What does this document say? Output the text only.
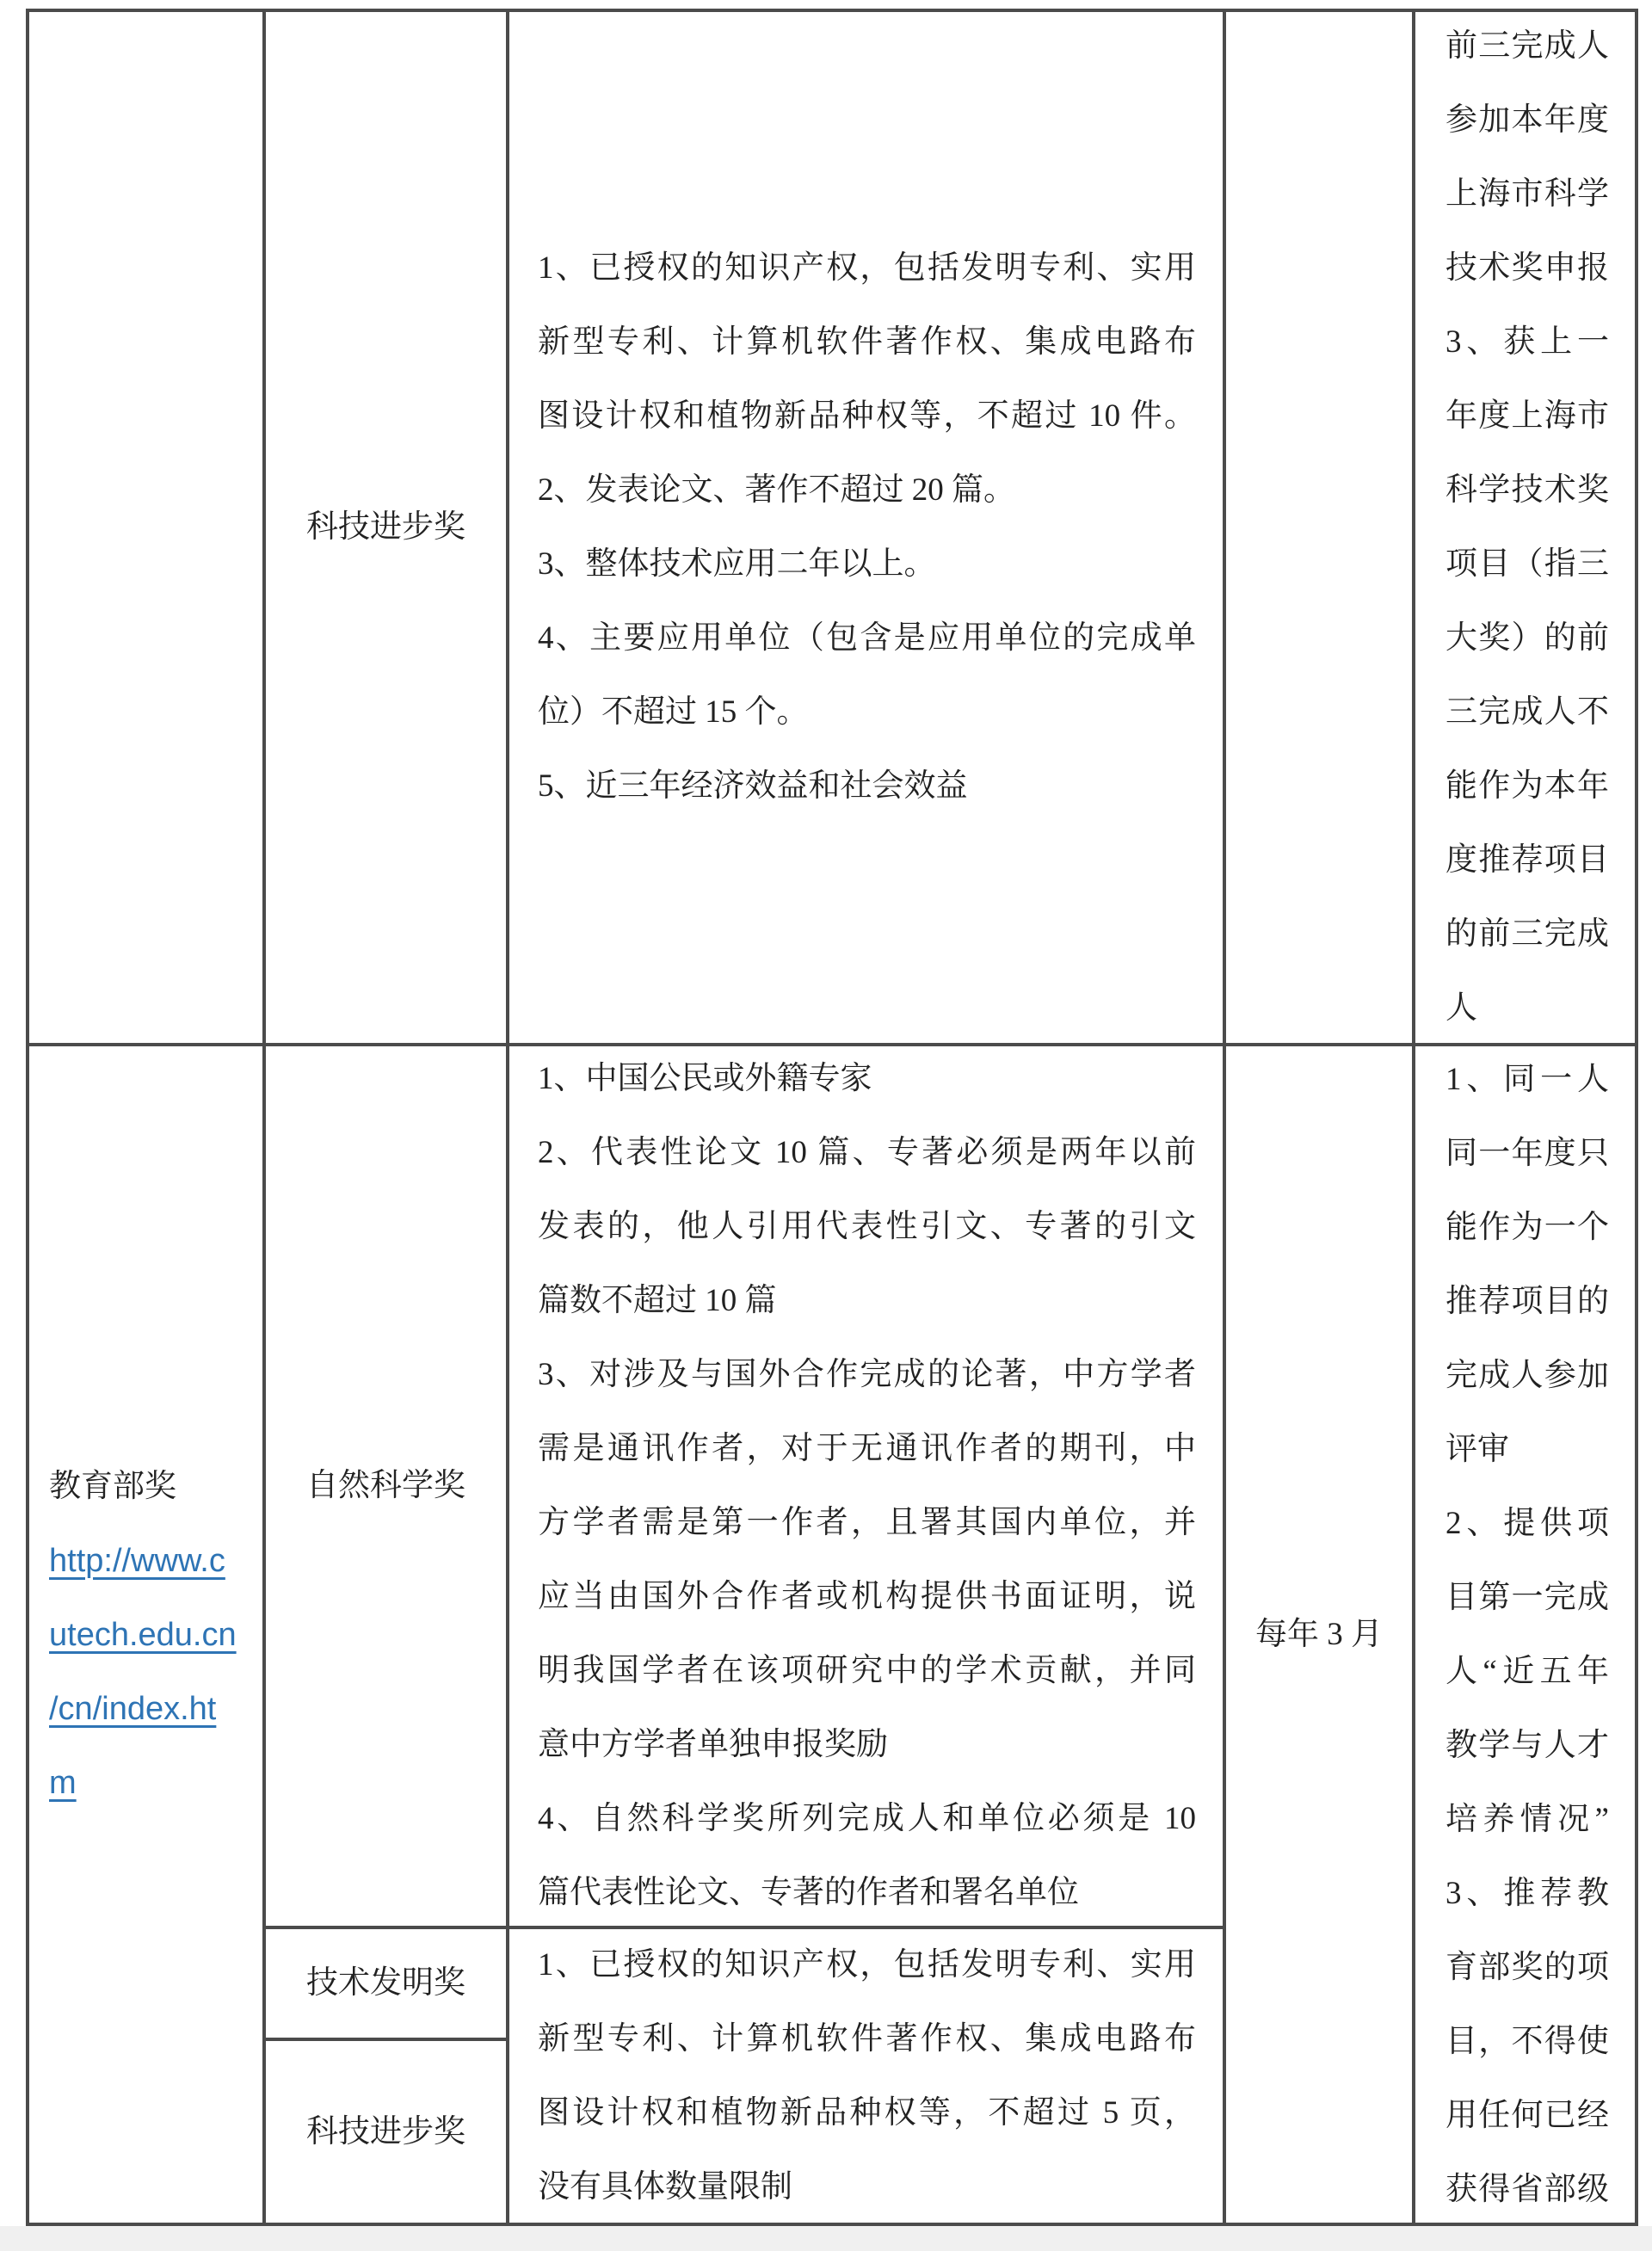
科技进步奖
1、已授权的知识产权，包括发明专利、实用
新型专利、计算机软件著作权、集成电路布
图设计权和植物新品种权等，不超过 10 件。
2、发表论文、著作不超过 20 篇。
3、整体技术应用二年以上。
4、主要应用单位（包含是应用单位的完成单
位）不超过 15 个。
5、近三年经济效益和社会效益
前三完成人
参加本年度
上海市科学
技术奖申报
3、获上一
年度上海市
科学技术奖
项目（指三
大奖）的前
三完成人不
能作为本年
度推荐项目
的前三完成
人
教育部奖
http://www.c
utech.edu.cn
/cn/index.ht
m
自然科学奖
技术发明奖
科技进步奖
1、中国公民或外籍专家
2、代表性论文 10 篇、专著必须是两年以前
发表的，他人引用代表性引文、专著的引文
篇数不超过 10 篇
3、对涉及与国外合作完成的论著，中方学者
需是通讯作者，对于无通讯作者的期刊，中
方学者需是第一作者，且署其国内单位，并
应当由国外合作者或机构提供书面证明，说
明我国学者在该项研究中的学术贡献，并同
意中方学者单独申报奖励
4、自然科学奖所列完成人和单位必须是 10
篇代表性论文、专著的作者和署名单位
1、已授权的知识产权，包括发明专利、实用
新型专利、计算机软件著作权、集成电路布
图设计权和植物新品种权等，不超过 5 页，
没有具体数量限制
每年 3 月
1、同一人
同一年度只
能作为一个
推荐项目的
完成人参加
评审
2、提供项
目第一完成
人“近五年
教学与人才
培养情况”
3、推荐教
育部奖的项
目，不得使
用任何已经
获得省部级
